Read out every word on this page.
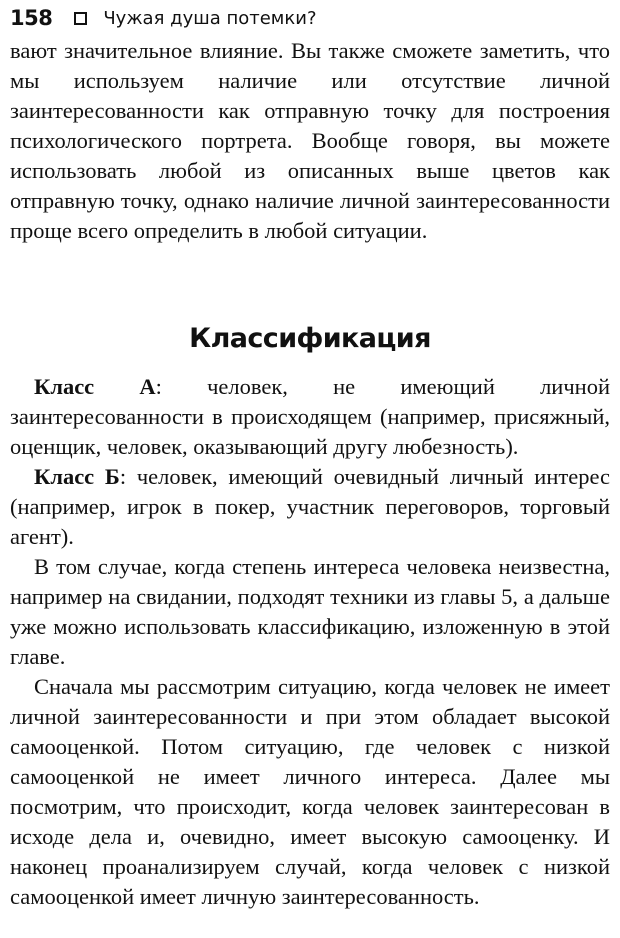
158	Чужая душа потемки?

вают значительное влияние. Вы также сможете заметить, что мы используем наличие или отсутствие личной заинтересованности как отправную точку для построения психологического портрета. Вообще говоря, вы можете использовать любой из описанных выше цветов как отправную точку, однако наличие личной заинтересованности проще всего определить в любой ситуации.

Классификация

Класс А: человек, не имеющий личной заинтересованности в происходящем (например, присяжный, оценщик, человек, оказывающий другу любезность).

Класс Б: человек, имеющий очевидный личный интерес (например, игрок в покер, участник переговоров, торговый агент).

В том случае, когда степень интереса человека неизвестна, например на свидании, подходят техники из главы 5, а дальше уже можно использовать классификацию, изложенную в этой главе.

Сначала мы рассмотрим ситуацию, когда человек не имеет личной заинтересованности и при этом обладает высокой самооценкой. Потом ситуацию, где человек с низкой самооценкой не имеет личного интереса. Далее мы посмотрим, что происходит, когда человек заинтересован в исходе дела и, очевидно, имеет высокую самооценку. И наконец проанализируем случай, когда человек с низкой самооценкой имеет личную заинтересованность.
